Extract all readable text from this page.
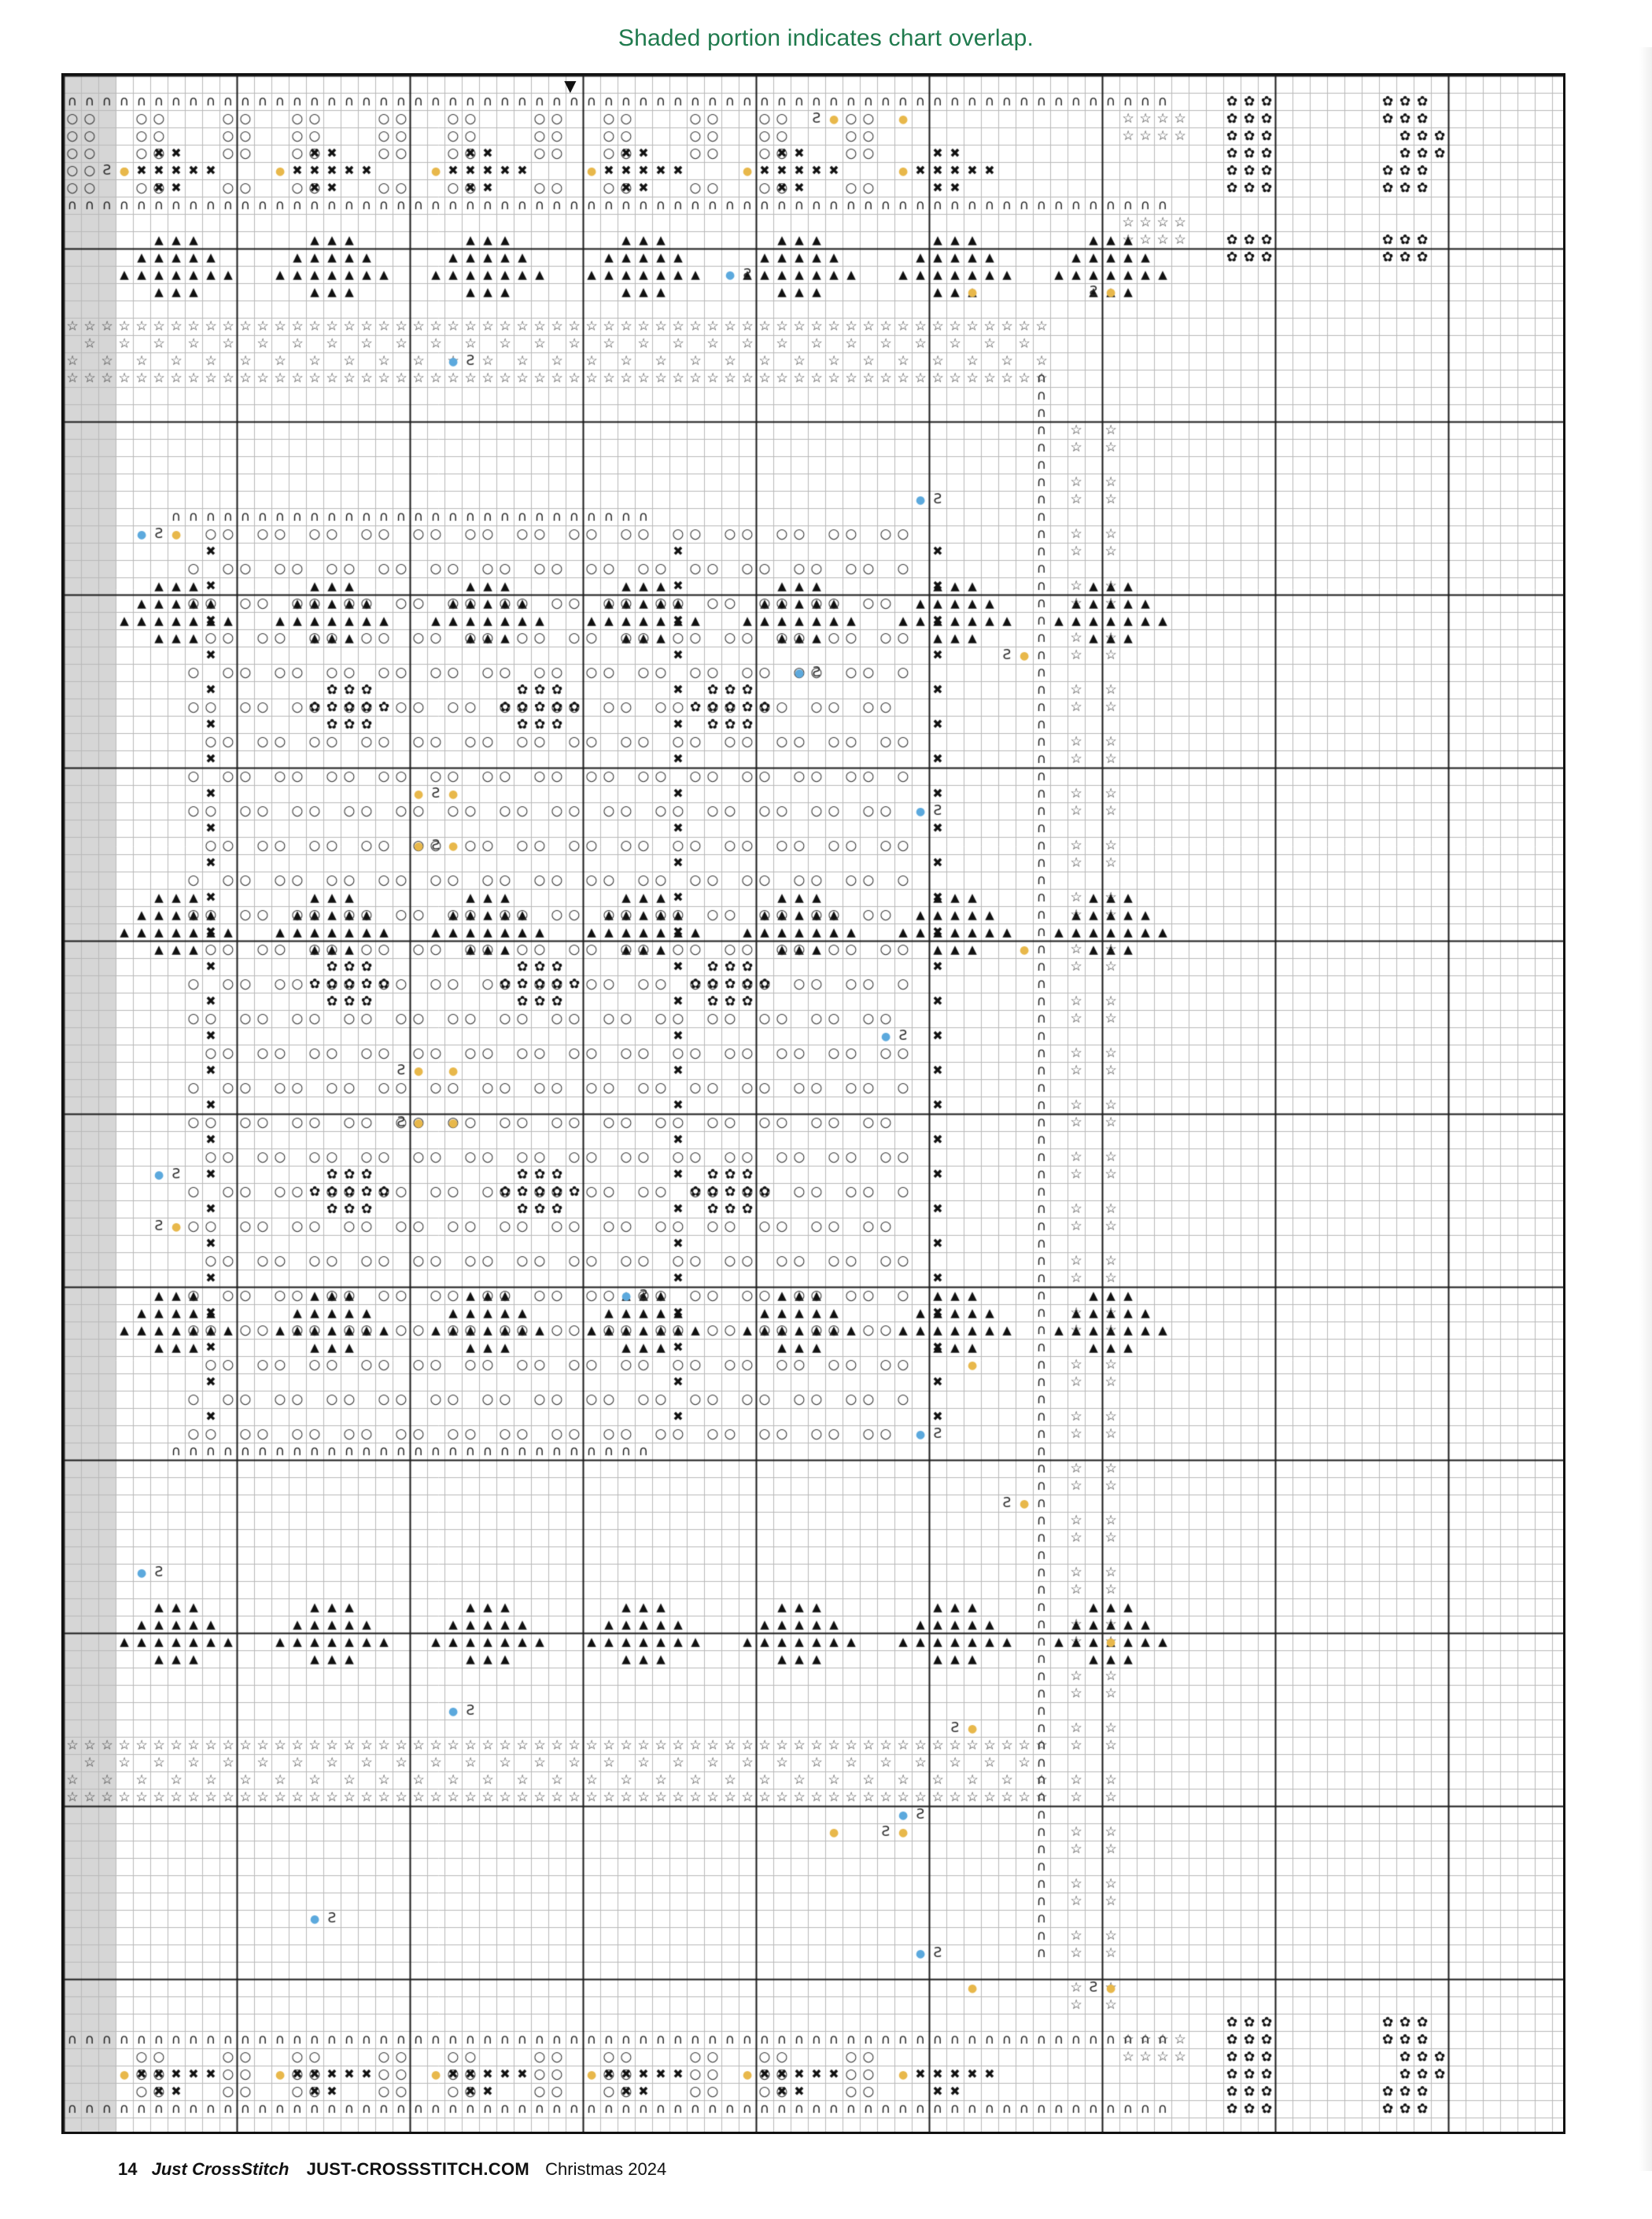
Shaded portion indicates chart overlap.
14 Just CrossStitch JUST-CROSSSTITCH.COM Christmas 2024
